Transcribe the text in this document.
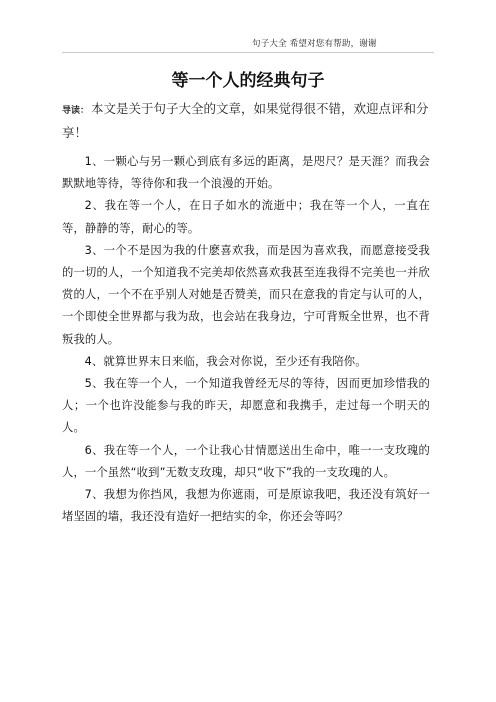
句子大全 希望对您有帮助，谢谢
等一个人的经典句子
导读： 本文是关于句子大全的文章，如果觉得很不错，欢迎点评和分享！

1、一颗心与另一颗心到底有多远的距离，是咫尺？是天涯？而我会默默地等待，等待你和我一个浪漫的开始。

2、我在等一个人，在日子如水的流逝中；我在等一个人，一直在等，静静的等，耐心的等。

3、一个不是因为我的什麽喜欢我，而是因为喜欢我，而愿意接受我的一切的人，一个知道我不完美却依然喜欢我甚至连我得不完美也一并欣赏的人，一个不在乎别人对她是否赞美，而只在意我的肯定与认可的人，一个即使全世界都与我为敌，也会站在我身边，宁可背叛全世界，也不背叛我的人。

4、就算世界末日来临，我会对你说，至少还有我陪你。

5、我在等一个人，一个知道我曾经无尽的等待，因而更加珍惜我的人；一个也许没能参与我的昨天，却愿意和我携手，走过每一个明天的人。

6、我在等一个人，一个让我心甘情愿送出生命中，唯一一支玫瑰的人，一个虽然“收到”无数支玫瑰，却只“收下”我的一支玫瑰的人。

7、我想为你挡风，我想为你遮雨，可是原谅我吧，我还没有筑好一堵坚固的墙，我还没有造好一把结实的伞，你还会等吗？
